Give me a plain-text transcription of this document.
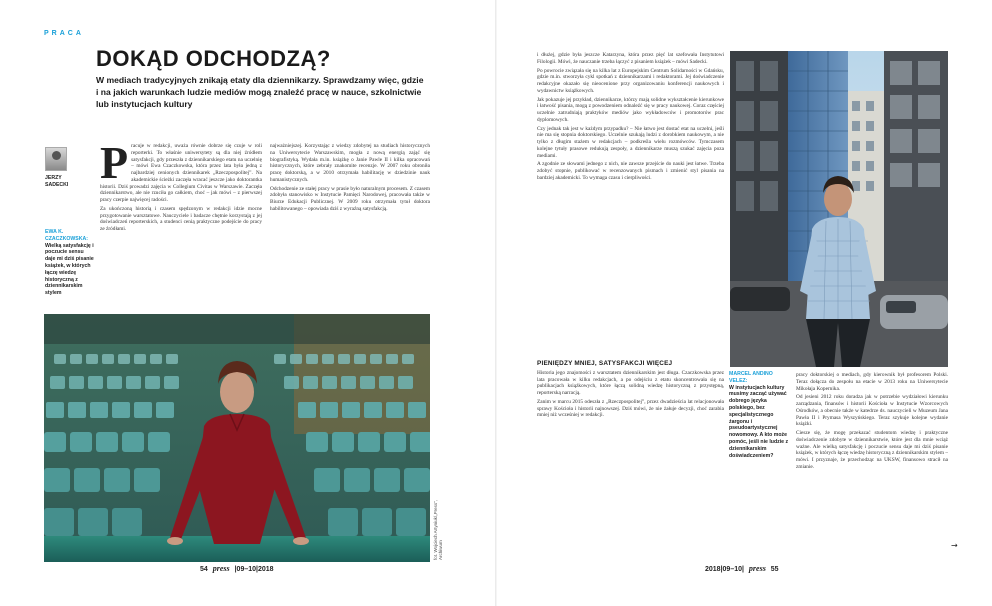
PRACA
DOKĄD ODCHODZĄ?
W mediach tradycyjnych znikają etaty dla dziennikarzy. Sprawdzamy więc, gdzie i na jakich warunkach ludzie mediów mogą znaleźć pracę w nauce, szkolnictwie lub instytucjach kultury
JERZY
SADECKI
EWA K. CZACZKOWSKA:
Wielką satysfakcję i poczucie sensu daje mi dziś pisanie książek, w których łączę wiedzę historyczną z dziennikarskim stylem
P racuje w redakcji, uważa równie dobrze się czuje w roli reporterki. To właśnie uniwersytety są dla niej źródłem satysfakcji, gdy przeszła z dziennikarskiego etatu na uczelnię – mówi Ewa Czaczkowska, która przez lata była jedną z najbardziej cenionych dziennikarek „Rzeczpospolitej”. Na akademickie ścieżki zaczęła wracać jeszcze jako doktorantka historii. Dziś prowadzi zajęcia w Collegium Civitas w Warszawie. Zaczęła dziennikarstwo, ale nie rzuciła go całkiem, choć – jak mówi – z pierwszej pracy czerpie najwięcej radości.

Za ukończoną historią i czasem spędzonym w redakcji idzie mocne przygotowanie warsztatowe. Nauczyciele i badacze chętnie korzystają z jej doświadczeń reporterskich, a studenci cenią praktyczne podejście do pracy ze źródłami.

najważniejszej. Korzystając z wiedzy zdobytej na studiach historycznych na Uniwersytecie Warszawskim, mogła z nową energią zająć się biografistyką. Wydała m.in. książkę o Janie Pawle II i kilka opracowań historycznych, które zebrały znakomite recenzje. W 2007 roku obroniła pracę doktorską, a w 2010 otrzymała habilitację w dziedzinie nauk humanistycznych.

Odchodzenie ze stałej pracy w prasie było naturalnym procesem. Z czasem zdobyła stanowisko w Instytucie Pamięci Narodowej, pracowała także w Biurze Edukacji Publicznej. W 2009 roku otrzymała tytuł doktora habilitowanego – opowiada dziś z wyraźną satysfakcją.

fot. Wojciech Artyniuk/„Press”, Archiwum
54 press |09–10|2018

i dłużej, gdzie była jeszcze Katarzyna, która przez pięć lat szefowała Instytutowi Filologii. Mówi, że nauczanie trzeba łączyć z pisaniem książek – mówi Sadecki.

Po powrocie związała się na kilka lat z Europejskim Centrum Solidarności w Gdańsku, gdzie m.in. stworzyła cykl spotkań z dziennikarzami i redaktorami. Jej doświadczenie redakcyjne okazało się nieocenione przy organizowaniu konferencji naukowych i wydawnictw książkowych.

Jak pokazuje jej przykład, dziennikarze, którzy mają solidne wykształcenie kierunkowe i łatwość pisania, mogą z powodzeniem odnaleźć się w pracy naukowej. Coraz częściej uczelnie zatrudniają praktyków mediów jako wykładowców i promotorów prac dyplomowych.

Czy jednak tak jest w każdym przypadku? – Nie łatwo jest dostać etat na uczelni, jeśli nie ma się stopnia doktorskiego. Uczelnie szukają ludzi z dorobkiem naukowym, a nie tylko z długim stażem w redakcjach – podkreśla wielu rozmówców. Tymczasem kolejne tytuły prasowe redukują zespoły, a dziennikarze muszą szukać zajęcia poza mediami.

A zgodnie ze słowami jednego z nich, nie zawsze przejście do nauki jest łatwe. Trzeba zdobyć stopnie, publikować w recenzowanych pismach i zmienić styl pisania na bardziej akademicki. To wymaga czasu i cierpliwości.

PIENIĘDZY MNIEJ, SATYSFAKCJI WIĘCEJ

Historia jego znajomości z warsztatem dziennikarskim jest długa. Czaczkowska przez lata pracowała w kilku redakcjach, a po odejściu z etatu skoncentrowała się na publikacjach książkowych, które łączą solidną wiedzę historyczną z przystępną, reporterską narracją.

Zanim w marcu 2015 odeszła z „Rzeczpospolitej”, przez dwadzieścia lat relacjonowała sprawy Kościoła i historii najnowszej. Dziś mówi, że nie żałuje decyzji, choć zarabia mniej niż wcześniej w redakcji.

MARCEL ANDINO VELEZ:
W instytucjach kultury musimy zacząć używać dobrego języka polskiego, bez specjalistycznego żargonu i pseudoartystycznej nowomowy. A kto może pomóc, jeśli nie ludzie z dziennikarskim doświadczeniem?

pracy doktorskiej o mediach, gdy kierownik był profesorem Polski. Teraz dołącza do zespołu na etacie w 2013 roku na Uniwersytecie Mikołaja Kopernika.

Od jesieni 2012 roku doradza jak w potrzebie wydziałowi kierunku zarządzania, finansów i historii Kościoła w Instytucie Wzorcowych Ośrodków, a obecnie także w katedrze ds. nauczycieli w Muzeum Jana Pawła II i Prymasa Wyszyńskiego. Teraz szykuje kolejne wydanie książki.

Ciesze się, że mogę przekazać studentom wiedzę i praktyczne doświadczenie zdobyte w dziennikarstwie, które jest dla mnie wciąż ważne. Ale wielką satysfakcję i poczucie sensu daje mi dziś pisanie książek, w których łączę wiedzę historyczną z dziennikarskim stylem – mówi. I przyznaje, że przechodząc na UKSW, finansowo stracił na zmianie.

→
2018|09–10| press 55
